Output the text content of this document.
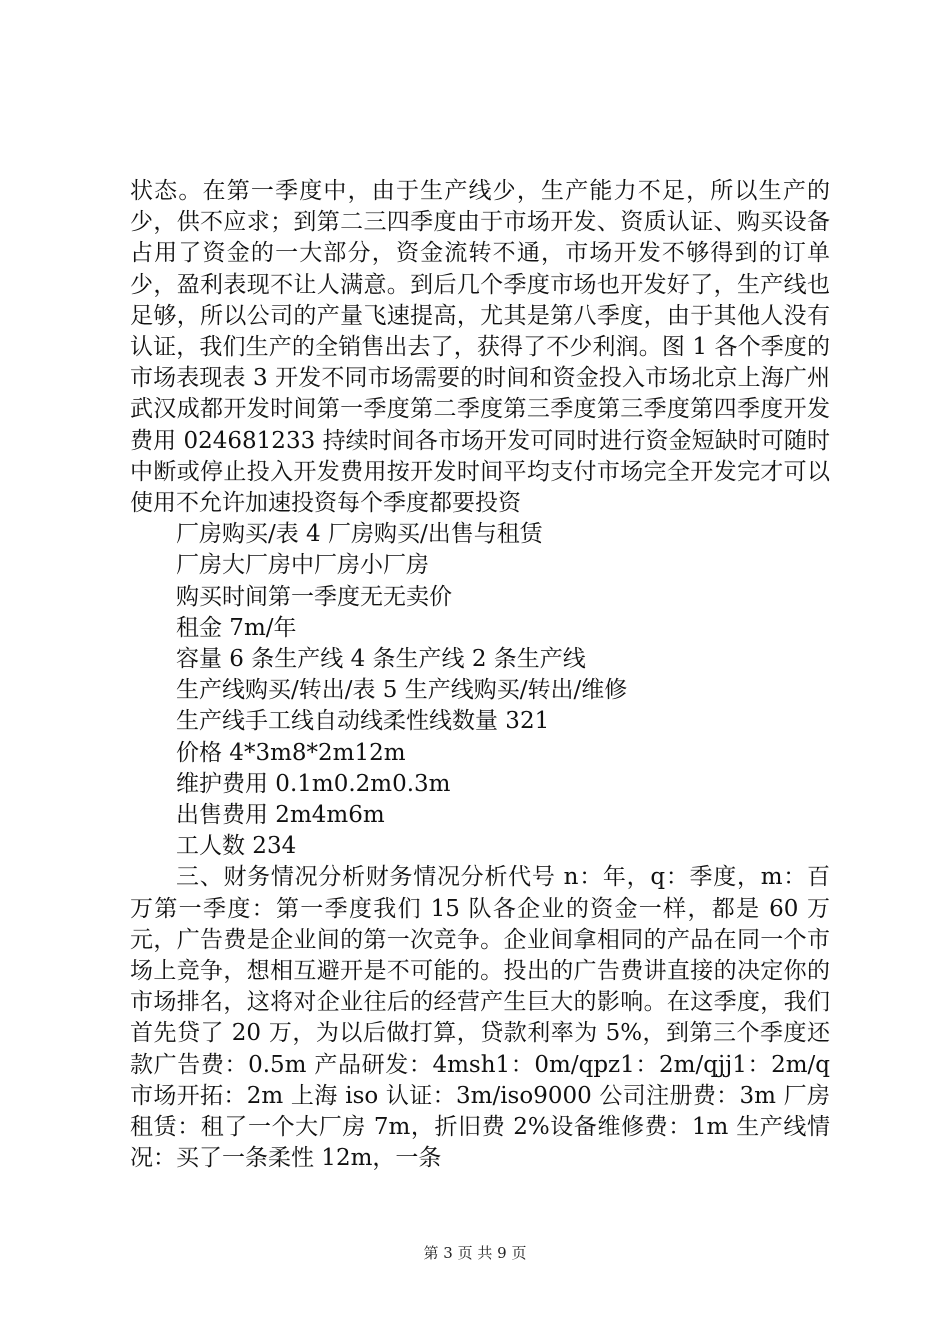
状态。在第一季度中，由于生产线少，生产能力不足，所以生产的少，供不应求；到第二三四季度由于市场开发、资质认证、购买设备占用了资金的一大部分，资金流转不通，市场开发不够得到的订单少，盈利表现不让人满意。到后几个季度市场也开发好了，生产线也足够，所以公司的产量飞速提高，尤其是第八季度，由于其他人没有认证，我们生产的全销售出去了，获得了不少利润。图 1 各个季度的市场表现表 3 开发不同市场需要的时间和资金投入市场北京上海广州武汉成都开发时间第一季度第二季度第三季度第三季度第四季度开发费用 024681233 持续时间各市场开发可同时进行资金短缺时可随时中断或停止投入开发费用按开发时间平均支付市场完全开发完才可以使用不允许加速投资每个季度都要投资

厂房购买/表 4 厂房购买/出售与租赁

厂房大厂房中厂房小厂房

购买时间第一季度无无卖价

租金 7m/年

容量 6 条生产线 4 条生产线 2 条生产线

生产线购买/转出/表 5 生产线购买/转出/维修

生产线手工线自动线柔性线数量 321

价格 4*3m8*2m12m

维护费用 0.1m0.2m0.3m

出售费用 2m4m6m

工人数 234

三、财务情况分析财务情况分析代号 n：年，q：季度，m：百万第一季度：第一季度我们 15 队各企业的资金一样，都是 60 万元，广告费是企业间的第一次竞争。企业间拿相同的产品在同一个市场上竞争，想相互避开是不可能的。投出的广告费讲直接的决定你的市场排名，这将对企业往后的经营产生巨大的影响。在这季度，我们首先贷了 20 万，为以后做打算，贷款利率为 5%，到第三个季度还款广告费：0.5m 产品研发：4msh1：0m/qpz1：2m/qjj1：2m/q 市场开拓：2m 上海 iso 认证：3m/iso9000 公司注册费：3m 厂房租赁：租了一个大厂房 7m，折旧费 2%设备维修费：1m 生产线情况：买了一条柔性 12m，一条

第 3 页 共 9 页
